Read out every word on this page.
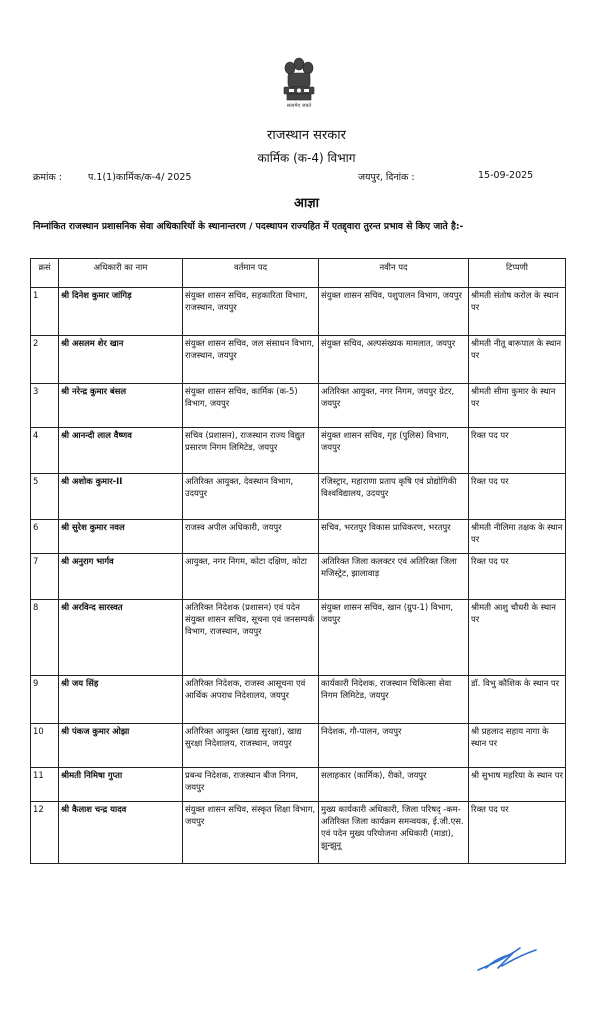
सत्यमेव जयते
राजस्थान सरकार
कार्मिक (क-4) विभाग
क्रमांक :	प.1(1)कार्मिक/क-4/ 2025	जयपुर, दिनांक :	15-09-2025
आज्ञा
निम्नांकित राजस्थान प्रशासनिक सेवा अधिकारियों के स्थानान्तरण / पदस्थापन राज्यहित में एतद्द्वारा तुरन्त प्रभाव से किए जाते है:-
क्रसं	अधिकारी का नाम	वर्तमान पद	नवीन पद	टिप्पणी
1	श्री दिनेश कुमार जांगिड़	संयुक्त शासन सचिव, सहकारिता विभाग, राजस्थान, जयपुर	संयुक्त शासन सचिव, पशुपालन विभाग, जयपुर	श्रीमती संतोष करोल के स्थान पर
2	श्री असलम शेर खान	संयुक्त शासन सचिव, जल संसाधन विभाग, राजस्थान, जयपुर	संयुक्त सचिव, अल्पसंख्यक मामलात, जयपुर	श्रीमती नीतू बारूपाल के स्थान पर
3	श्री नरेन्द्र कुमार बंसल	संयुक्त शासन सचिव, कार्मिक (क-5) विभाग, जयपुर	अतिरिक्त आयुक्त, नगर निगम, जयपुर ग्रेटर, जयपुर	श्रीमती सीमा कुमार के स्थान पर
4	श्री आनन्दी लाल वैष्णव	सचिव (प्रशासन), राजस्थान राज्य विद्युत प्रसारण निगम लिमिटेड, जयपुर	संयुक्त शासन सचिव, गृह (पुलिस) विभाग, जयपुर	रिक्त पद पर
5	श्री अशोक कुमार-II	अतिरिक्त आयुक्त, देवस्थान विभाग, उदयपुर	रजिस्ट्रार, महाराणा प्रताप कृषि एवं प्रोद्योगिकी विश्वविद्यालय, उदयपुर	रिक्त पद पर
6	श्री सुरेश कुमार नवल	राजस्व अपील अधिकारी, जयपुर	सचिव, भरतपुर विकास प्राधिकरण, भरतपुर	श्रीमती नीलिमा तक्षक के स्थान पर
7	श्री अनुराग भार्गव	आयुक्त, नगर निगम, कोटा दक्षिण, कोटा	अतिरिक्त जिला कलक्टर एवं अतिरिक्त जिला मजिस्ट्रेट, झालावाड़	रिक्त पद पर
8	श्री अरविन्द सारस्वत	अतिरिक्त निदेशक (प्रशासन) एवं पदेन संयुक्त शासन सचिव, सूचना एवं जनसम्पर्क विभाग, राजस्थान, जयपुर	संयुक्त शासन सचिव, खान (ग्रुप-1) विभाग, जयपुर	श्रीमती आशु चौधरी के स्थान पर
9	श्री जय सिंह	अतिरिक्त निदेशक, राजस्व आसूचना एवं आर्थिक अपराध निदेशालय, जयपुर	कार्यकारी निदेशक, राजस्थान चिकित्सा सेवा निगम लिमिटेड, जयपुर	डॉ. विभु कौशिक के स्थान पर
10	श्री पंकज कुमार ओझा	अतिरिक्त आयुक्त (खाद्य सुरक्षा), खाद्य सुरक्षा निदेशालय, राजस्थान, जयपुर	निदेशक, गौ-पालन, जयपुर	श्री प्रहलाद सहाय नागा के स्थान पर
11	श्रीमती निमिषा गुप्ता	प्रबन्ध निदेशक, राजस्थान बीज निगम, जयपुर	सलाहकार (कार्मिक), रीको, जयपुर	श्री सुभाष महरिया के स्थान पर
12	श्री कैलाश चन्द्र यादव	संयुक्त शासन सचिव, संस्कृत शिक्षा विभाग, जयपुर	मुख्य कार्यकारी अधिकारी, जिला परिषद् -कम- अतिरिक्त जिला कार्यक्रम समन्वयक, ई.जी.एस. एवं पदेन मुख्य परियोजना अधिकारी (माडा), झुन्झुनू	रिक्त पद पर
